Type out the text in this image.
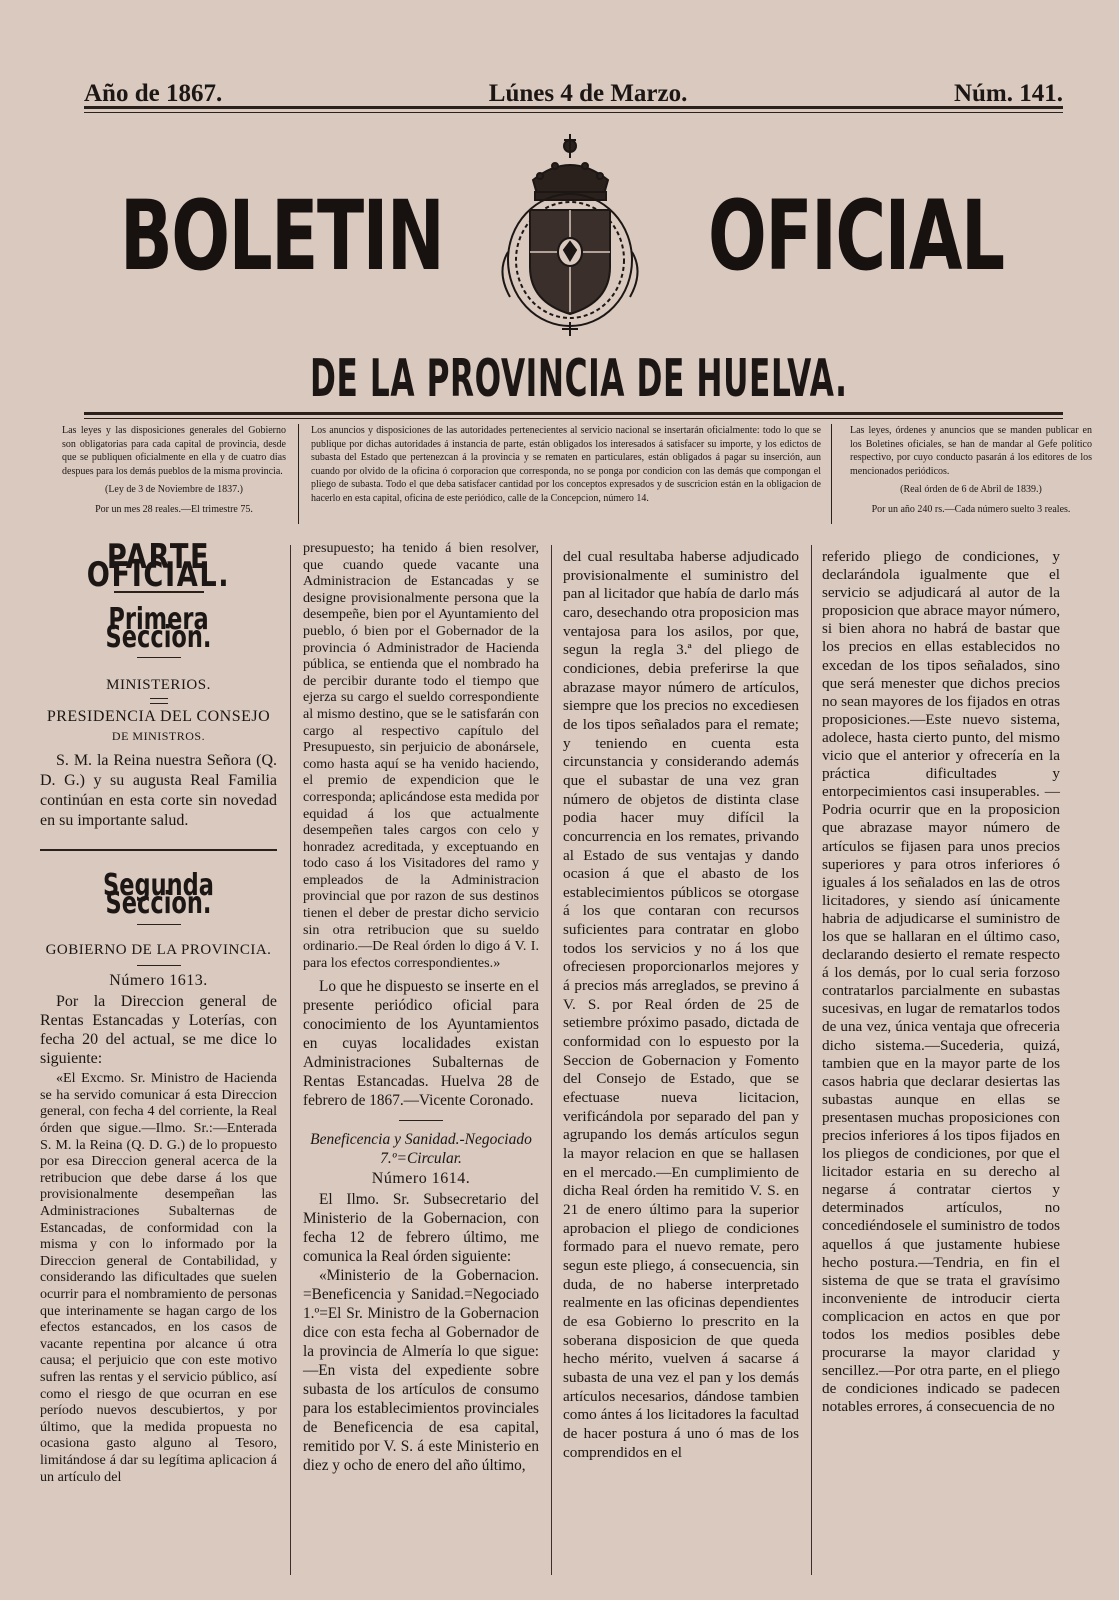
Año de 1867.	Lúnes 4 de Marzo.	Núm. 141.
BOLETIN	OFICIAL
DE LA PROVINCIA DE HUELVA.
Las leyes y las disposiciones generales del Gobierno son obligatorias para cada capital de provincia, desde que se publiquen oficialmente en ella y de cuatro dias despues para los demás pueblos de la misma provincia.
(Ley de 3 de Noviembre de 1837.)
Por un mes 28 reales.—El trimestre 75.
Los anuncios y disposiciones de las autoridades pertenecientes al servicio nacional se insertarán oficialmente: todo lo que se publique por dichas autoridades á instancia de parte, están obligados los interesados á satisfacer su importe, y los edictos de subasta del Estado que pertenezcan á la provincia y se rematen en particulares, están obligados á pagar su inserción, aun cuando por olvido de la oficina ó corporacion que corresponda, no se ponga por condicion con las demás que compongan el pliego de subasta. Todo el que deba satisfacer cantidad por los conceptos expresados y de suscricion están en la obligacion de hacerlo en esta capital, oficina de este periódico, calle de la Concepcion, número 14.
Las leyes, órdenes y anuncios que se manden publicar en los Boletines oficiales, se han de mandar al Gefe político respectivo, por cuyo conducto pasarán á los editores de los mencionados periódicos.
(Real órden de 6 de Abril de 1839.)
Por un año 240 rs.—Cada número suelto 3 reales.
PARTE OFICIAL.
Primera Seccion.
MINISTERIOS.
PRESIDENCIA DEL CONSEJO
DE MINISTROS.

S. M. la Reina nuestra Señora (Q. D. G.) y su augusta Real Familia continúan en esta corte sin novedad en su importante salud.

Segunda Seccion.
GOBIERNO DE LA PROVINCIA.
Número 1613.

Por la Direccion general de Rentas Estancadas y Loterías, con fecha 20 del actual, se me dice lo siguiente:

«El Excmo. Sr. Ministro de Hacienda se ha servido comunicar á esta Direccion general, con fecha 4 del corriente, la Real órden que sigue.—Ilmo. Sr.:—Enterada S. M. la Reina (Q. D. G.) de lo propuesto por esa Direccion general acerca de la retribucion que debe darse á los que provisionalmente desempeñan las Administraciones Subalternas de Estancadas, de conformidad con la misma y con lo informado por la Direccion general de Contabilidad, y considerando las dificultades que suelen ocurrir para el nombramiento de personas que interinamente se hagan cargo de los efectos estancados, en los casos de vacante repentina por alcance ú otra causa; el perjuicio que con este motivo sufren las rentas y el servicio público, así como el riesgo de que ocurran en ese período nuevos descubiertos, y por último, que la medida propuesta no ocasiona gasto alguno al Tesoro, limitándose á dar su legítima aplicacion á un artículo del

presupuesto; ha tenido á bien resolver, que cuando quede vacante una Administracion de Estancadas y se designe provisionalmente persona que la desempeñe, bien por el Ayuntamiento del pueblo, ó bien por el Gobernador de la provincia ó Administrador de Hacienda pública, se entienda que el nombrado ha de percibir durante todo el tiempo que ejerza su cargo el sueldo correspondiente al mismo destino, que se le satisfarán con cargo al respectivo capítulo del Presupuesto, sin perjuicio de abonársele, como hasta aquí se ha venido haciendo, el premio de expendicion que le corresponda; aplicándose esta medida por equidad á los que actualmente desempeñen tales cargos con celo y honradez acreditada, y exceptuando en todo caso á los Visitadores del ramo y empleados de la Administracion provincial que por razon de sus destinos tienen el deber de prestar dicho servicio sin otra retribucion que su sueldo ordinario.—De Real órden lo digo á V. I. para los efectos correspondientes.»

Lo que he dispuesto se inserte en el presente periódico oficial para conocimiento de los Ayuntamientos en cuyas localidades existan Administraciones Subalternas de Rentas Estancadas. Huelva 28 de febrero de 1867.—Vicente Coronado.

Beneficencia y Sanidad.-Negociado 7.º=Circular.

Número 1614.

El Ilmo. Sr. Subsecretario del Ministerio de la Gobernacion, con fecha 12 de febrero último, me comunica la Real órden siguiente:

«Ministerio de la Gobernacion. =Beneficencia y Sanidad.=Negociado 1.º=El Sr. Ministro de la Gobernacion dice con esta fecha al Gobernador de la provincia de Almería lo que sigue:—En vista del expediente sobre subasta de los artículos de consumo para los establecimientos provinciales de Beneficencia de esa capital, remitido por V. S. á este Ministerio en diez y ocho de enero del año último,

del cual resultaba haberse adjudicado provisionalmente el suministro del pan al licitador que había de darlo más caro, desechando otra proposicion mas ventajosa para los asilos, por que, segun la regla 3.ª del pliego de condiciones, debia preferirse la que abrazase mayor número de artículos, siempre que los precios no excediesen de los tipos señalados para el remate; y teniendo en cuenta esta circunstancia y considerando además que el subastar de una vez gran número de objetos de distinta clase podia hacer muy difícil la concurrencia en los remates, privando al Estado de sus ventajas y dando ocasion á que el abasto de los establecimientos públicos se otorgase á los que contaran con recursos suficientes para contratar en globo todos los servicios y no á los que ofreciesen proporcionarlos mejores y á precios más arreglados, se previno á V. S. por Real órden de 25 de setiembre próximo pasado, dictada de conformidad con lo espuesto por la Seccion de Gobernacion y Fomento del Consejo de Estado, que se efectuase nueva licitacion, verificándola por separado del pan y agrupando los demás artículos segun la mayor relacion en que se hallasen en el mercado.—En cumplimiento de dicha Real órden ha remitido V. S. en 21 de enero último para la superior aprobacion el pliego de condiciones formado para el nuevo remate, pero segun este pliego, á consecuencia, sin duda, de no haberse interpretado realmente en las oficinas dependientes de esa Gobierno lo prescrito en la soberana disposicion de que queda hecho mérito, vuelven á sacarse á subasta de una vez el pan y los demás artículos necesarios, dándose tambien como ántes á los licitadores la facultad de hacer postura á uno ó mas de los comprendidos en el

referido pliego de condiciones, y declarándola igualmente que el servicio se adjudicará al autor de la proposicion que abrace mayor número, si bien ahora no habrá de bastar que los precios en ellas establecidos no excedan de los tipos señalados, sino que será menester que dichos precios no sean mayores de los fijados en otras proposiciones.—Este nuevo sistema, adolece, hasta cierto punto, del mismo vicio que el anterior y ofrecería en la práctica dificultades y entorpecimientos casi insuperables. —Podria ocurrir que en la proposicion que abrazase mayor número de artículos se fijasen para unos precios superiores y para otros inferiores ó iguales á los señalados en las de otros licitadores, y siendo así únicamente habria de adjudicarse el suministro de los que se hallaran en el último caso, declarando desierto el remate respecto á los demás, por lo cual seria forzoso contratarlos parcialmente en subastas sucesivas, en lugar de rematarlos todos de una vez, única ventaja que ofreceria dicho sistema.—Sucederia, quizá, tambien que en la mayor parte de los casos habria que declarar desiertas las subastas aunque en ellas se presentasen muchas proposiciones con precios inferiores á los tipos fijados en los pliegos de condiciones, por que el licitador estaria en su derecho al negarse á contratar ciertos y determinados artículos, no concediéndosele el suministro de todos aquellos á que justamente hubiese hecho postura.—Tendria, en fin el sistema de que se trata el gravísimo inconveniente de introducir cierta complicacion en actos en que por todos los medios posibles debe procurarse la mayor claridad y sencillez.—Por otra parte, en el pliego de condiciones indicado se padecen notables errores, á consecuencia de no
